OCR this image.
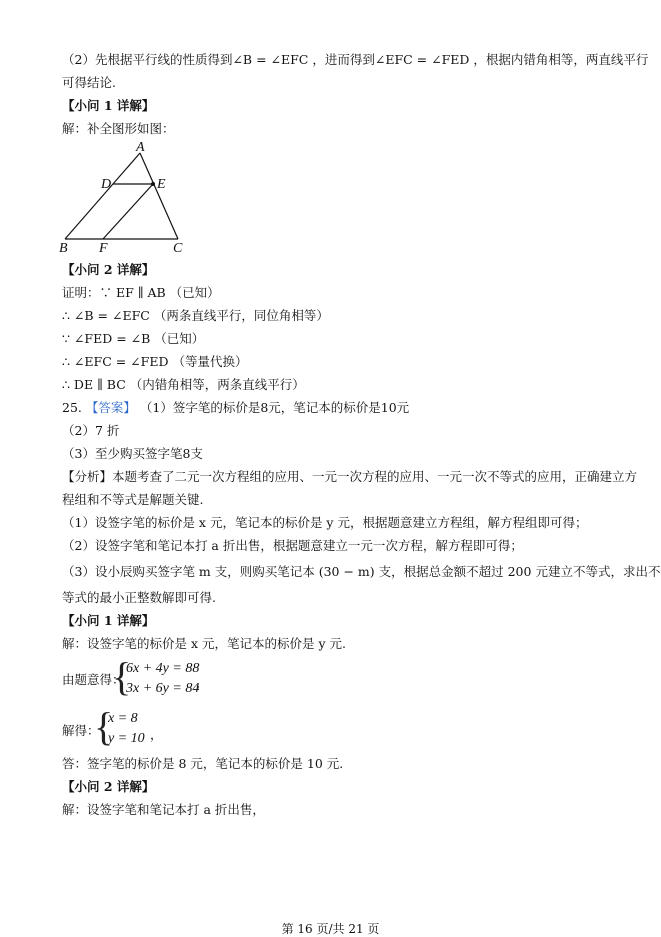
（2）先根据平行线的性质得到∠B = ∠EFC ，进而得到∠EFC = ∠FED ，根据内错角相等，两直线平行
可得结论.
【小问 1 详解】
解：补全图形如图：
A
D	E
B F	C
【小问 2 详解】
证明：∵ EF ∥ AB （已知）
∴ ∠B = ∠EFC （两条直线平行，同位角相等）
∵ ∠FED = ∠B （已知）
∴ ∠EFC = ∠FED （等量代换）
∴ DE ∥ BC （内错角相等，两条直线平行）
25. 【答案】 （1）签字笔的标价是8元，笔记本的标价是10元
（2）7 折
（3）至少购买签字笔8支
【分析】本题考查了二元一次方程组的应用、一元一次方程的应用、一元一次不等式的应用，正确建立方
程组和不等式是解题关键.
（1）设签字笔的标价是 x 元，笔记本的标价是 y 元，根据题意建立方程组，解方程组即可得；
（2）设签字笔和笔记本打 a 折出售，根据题意建立一元一次方程，解方程即可得；
（3）设小辰购买签字笔 m 支，则购买笔记本 (30 − m) 支，根据总金额不超过 200 元建立不等式，求出不
等式的最小正整数解即可得.
【小问 1 详解】
解：设签字笔的标价是 x 元，笔记本的标价是 y 元.
由题意得：
{
6x + 4y = 88
3x + 6y = 84
，
解得：
{
x = 8
y = 10 ，
答：签字笔的标价是 8 元，笔记本的标价是 10 元.
【小问 2 详解】
解：设签字笔和笔记本打 a 折出售，
第 16 页/共 21 页
